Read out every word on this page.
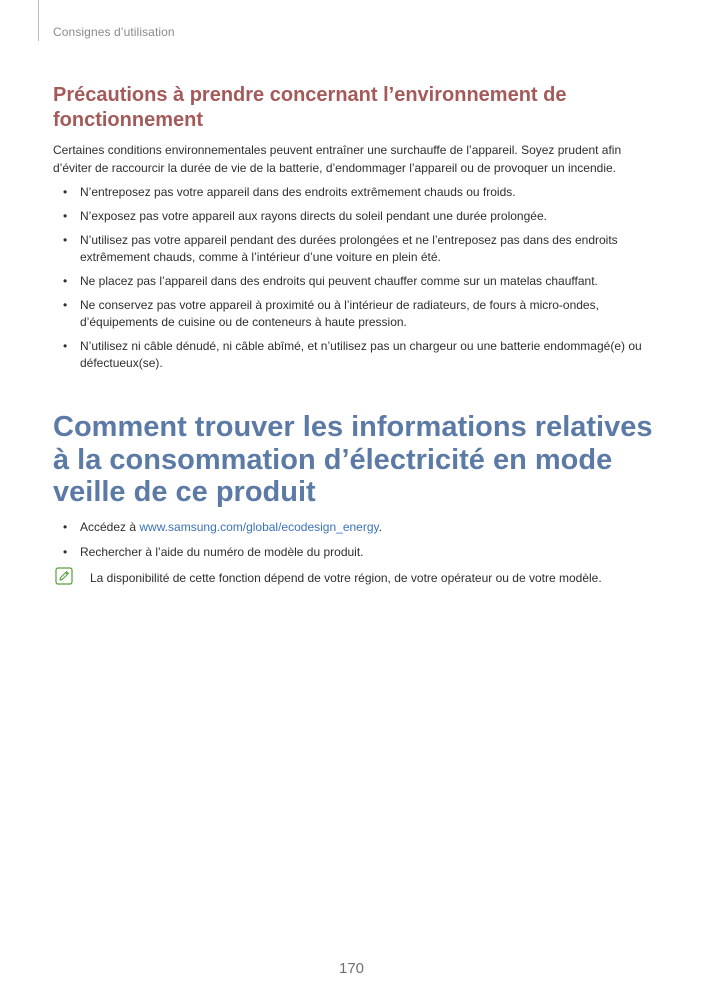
Consignes d’utilisation
Précautions à prendre concernant l’environnement de fonctionnement

Certaines conditions environnementales peuvent entraîner une surchauffe de l’appareil. Soyez prudent afin d’éviter de raccourcir la durée de vie de la batterie, d’endommager l’appareil ou de provoquer un incendie.

• N’entreposez pas votre appareil dans des endroits extrêmement chauds ou froids.
• N’exposez pas votre appareil aux rayons directs du soleil pendant une durée prolongée.
• N’utilisez pas votre appareil pendant des durées prolongées et ne l’entreposez pas dans des endroits extrêmement chauds, comme à l’intérieur d’une voiture en plein été.
• Ne placez pas l’appareil dans des endroits qui peuvent chauffer comme sur un matelas chauffant.
• Ne conservez pas votre appareil à proximité ou à l’intérieur de radiateurs, de fours à micro-ondes, d’équipements de cuisine ou de conteneurs à haute pression.
• N’utilisez ni câble dénudé, ni câble abîmé, et n’utilisez pas un chargeur ou une batterie endommagé(e) ou défectueux(se).
Comment trouver les informations relatives à la consommation d’électricité en mode veille de ce produit
• Accédez à www.samsung.com/global/ecodesign_energy.
• Rechercher à l’aide du numéro de modèle du produit.
La disponibilité de cette fonction dépend de votre région, de votre opérateur ou de votre modèle.
170
